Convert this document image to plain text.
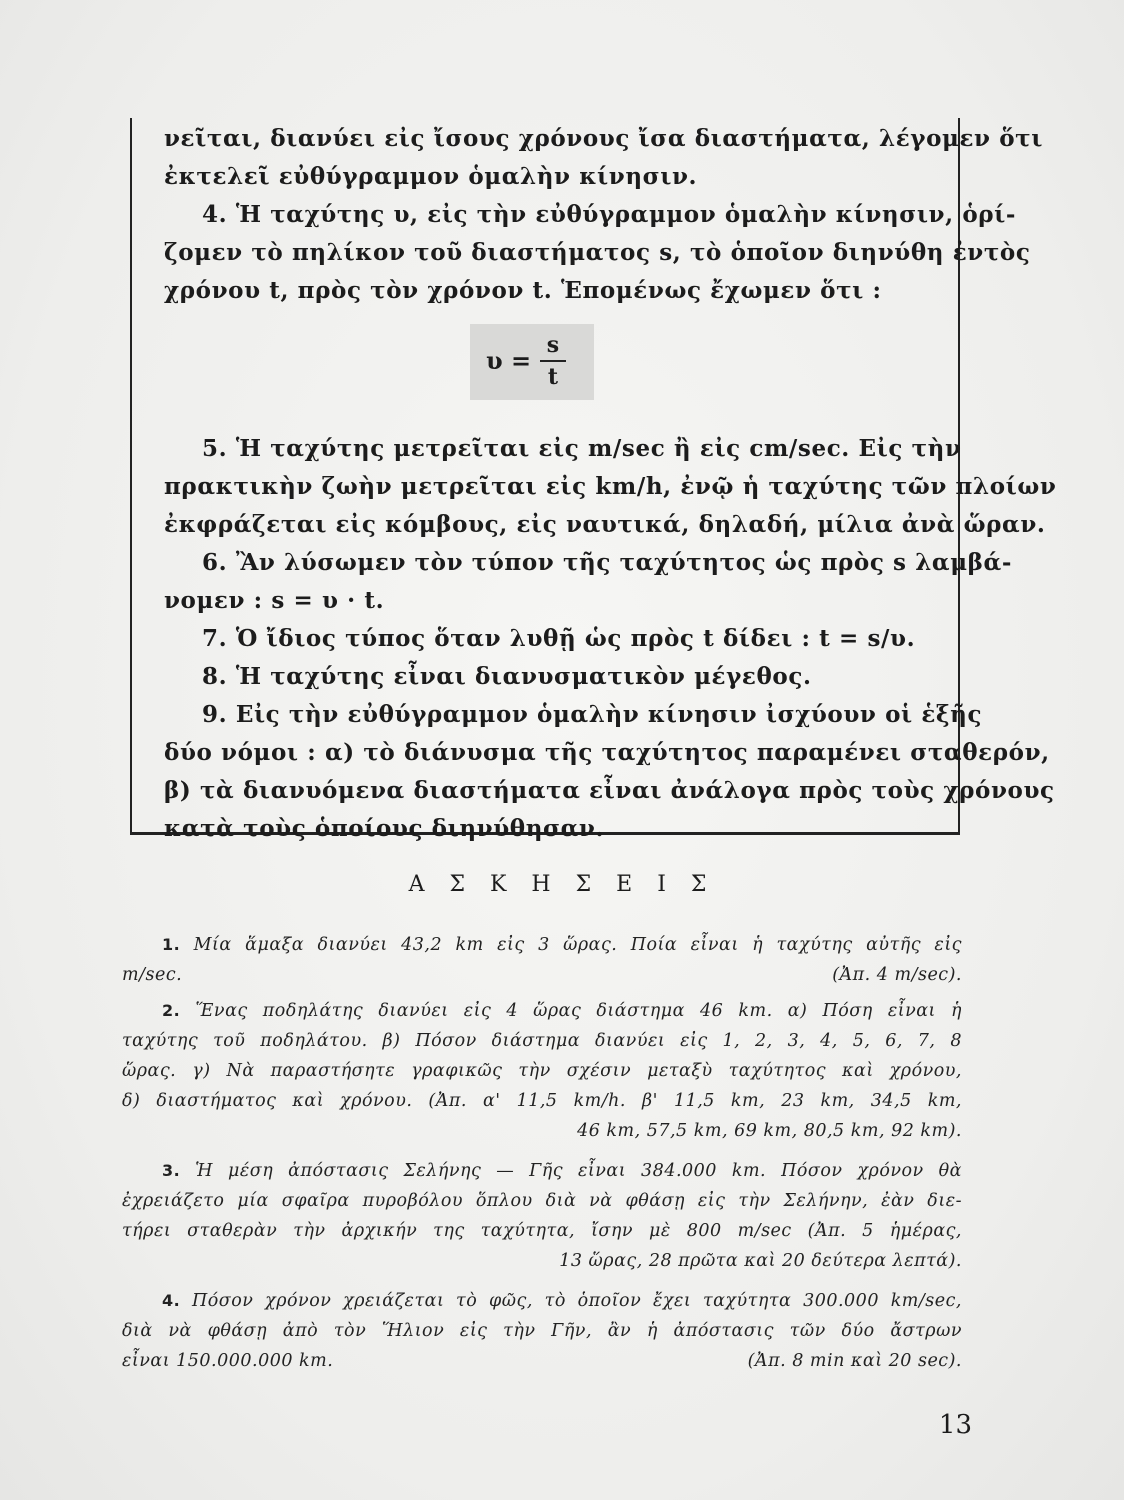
νεῖται, διανύει εἰς ἴσους χρόνους ἴσα διαστήματα, λέγομεν ὅτι
ἐκτελεῖ εὐθύγραμμον ὁμαλὴν κίνησιν.
4. Ἡ ταχύτης υ, εἰς τὴν εὐθύγραμμον ὁμαλὴν κίνησιν, ὁρί-
ζομεν τὸ πηλίκον τοῦ διαστήματος s, τὸ ὁποῖον διηνύθη ἐντὸς
χρόνου t, πρὸς τὸν χρόνον t. Ἑπομένως ἔχωμεν ὅτι :
υ =
s
t
5. Ἡ ταχύτης μετρεῖται εἰς m/sec ἢ εἰς cm/sec. Εἰς τὴν
πρακτικὴν ζωὴν μετρεῖται εἰς km/h, ἐνῷ ἡ ταχύτης τῶν πλοίων
ἐκφράζεται εἰς κόμβους, εἰς ναυτικά, δηλαδή, μίλια ἀνὰ ὥραν.
6. Ἂν λύσωμεν τὸν τύπον τῆς ταχύτητος ὡς πρὸς s λαμβά-
νομεν : s = υ · t.
7. Ὁ ἴδιος τύπος ὅταν λυθῇ ὡς πρὸς t δίδει : t = s/υ.
8. Ἡ ταχύτης εἶναι διανυσματικὸν μέγεθος.
9. Εἰς τὴν εὐθύγραμμον ὁμαλὴν κίνησιν ἰσχύουν οἱ ἑξῆς
δύο νόμοι : α) τὸ διάνυσμα τῆς ταχύτητος παραμένει σταθερόν,
β) τὰ διανυόμενα διαστήματα εἶναι ἀνάλογα πρὸς τοὺς χρόνους
κατὰ τοὺς ὁποίους διηνύθησαν.
Α Σ Κ Η Σ Ε Ι Σ
1. Μία ἅμαξα διανύει 43,2 km εἰς 3 ὥρας. Ποία εἶναι ἡ ταχύτης αὐτῆς εἰς
m/sec.	(Ἀπ. 4 m/sec).
2. Ἕνας ποδηλάτης διανύει εἰς 4 ὥρας διάστημα 46 km. α) Πόση εἶναι ἡ
ταχύτης τοῦ ποδηλάτου. β) Πόσον διάστημα διανύει εἰς 1, 2, 3, 4, 5, 6, 7, 8
ὥρας. γ) Νὰ παραστήσητε γραφικῶς τὴν σχέσιν μεταξὺ ταχύτητος καὶ χρόνου,
δ) διαστήματος καὶ χρόνου. (Ἀπ. α' 11,5 km/h. β' 11,5 km, 23 km, 34,5 km,
46 km, 57,5 km, 69 km, 80,5 km, 92 km).
3. Ἡ μέση ἀπόστασις Σελήνης — Γῆς εἶναι 384.000 km. Πόσον χρόνον θὰ
ἐχρειάζετο μία σφαῖρα πυροβόλου ὅπλου διὰ νὰ φθάσῃ εἰς τὴν Σελήνην, ἐὰν διε-
τήρει σταθερὰν τὴν ἀρχικήν της ταχύτητα, ἴσην μὲ 800 m/sec (Ἀπ. 5 ἡμέρας,
13 ὥρας, 28 πρῶτα καὶ 20 δεύτερα λεπτά).
4. Πόσον χρόνον χρειάζεται τὸ φῶς, τὸ ὁποῖον ἔχει ταχύτητα 300.000 km/sec,
διὰ νὰ φθάσῃ ἀπὸ τὸν Ἥλιον εἰς τὴν Γῆν, ἂν ἡ ἀπόστασις τῶν δύο ἄστρων
εἶναι 150.000.000 km.	(Ἀπ. 8 min καὶ 20 sec).
13
